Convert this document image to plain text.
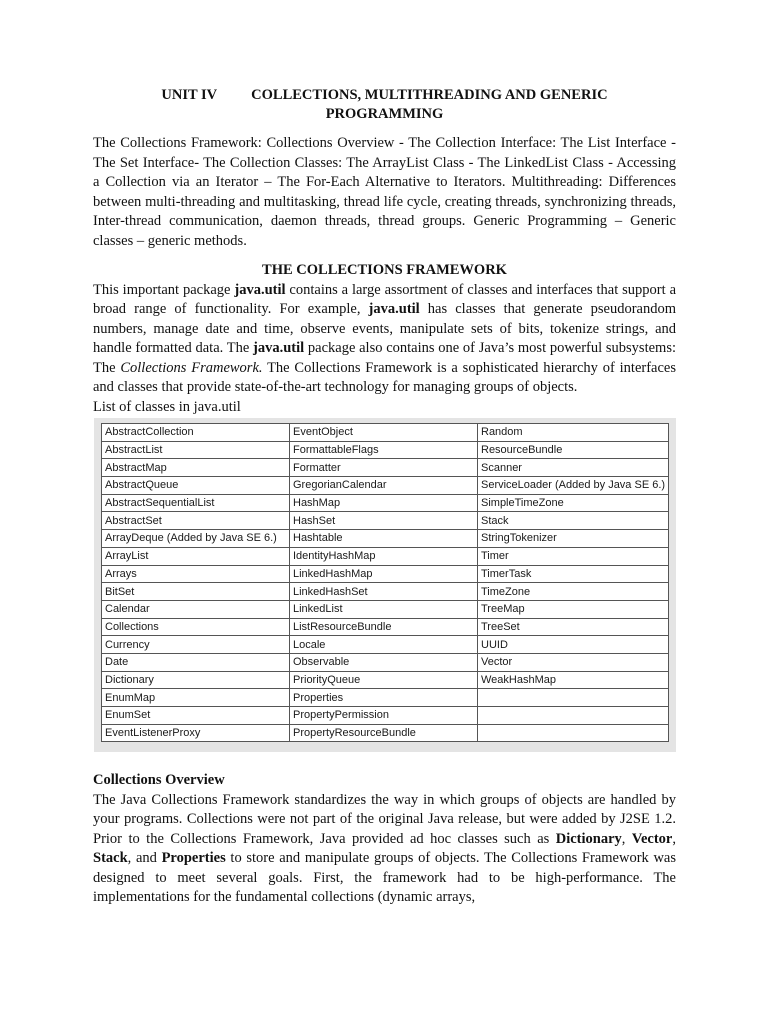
UNIT IV COLLECTIONS, MULTITHREADING AND GENERIC
PROGRAMMING

The Collections Framework: Collections Overview - The Collection Interface: The List Interface - The Set Interface- The Collection Classes: The ArrayList Class - The LinkedList Class - Accessing a Collection via an Iterator – The For-Each Alternative to Iterators. Multithreading: Differences between multi-threading and multitasking, thread life cycle, creating threads, synchronizing threads, Inter-thread communication, daemon threads, thread groups. Generic Programming – Generic classes – generic methods.

THE COLLECTIONS FRAMEWORK

This important package java.util contains a large assortment of classes and interfaces that support a broad range of functionality. For example, java.util has classes that generate pseudorandom numbers, manage date and time, observe events, manipulate sets of bits, tokenize strings, and handle formatted data. The java.util package also contains one of Java’s most powerful subsystems: The Collections Framework. The Collections Framework is a sophisticated hierarchy of interfaces and classes that provide state-of-the-art technology for managing groups of objects.

List of classes in java.util

AbstractCollection	EventObject	Random
AbstractList	FormattableFlags	ResourceBundle
AbstractMap	Formatter	Scanner
AbstractQueue	GregorianCalendar	ServiceLoader (Added by Java SE 6.)
AbstractSequentialList	HashMap	SimpleTimeZone
AbstractSet	HashSet	Stack
ArrayDeque (Added by Java SE 6.)	Hashtable	StringTokenizer
ArrayList	IdentityHashMap	Timer
Arrays	LinkedHashMap	TimerTask
BitSet	LinkedHashSet	TimeZone
Calendar	LinkedList	TreeMap
Collections	ListResourceBundle	TreeSet
Currency	Locale	UUID
Date	Observable	Vector
Dictionary	PriorityQueue	WeakHashMap
EnumMap	Properties	
EnumSet	PropertyPermission	
EventListenerProxy	PropertyResourceBundle	
Collections Overview

The Java Collections Framework standardizes the way in which groups of objects are handled by your programs. Collections were not part of the original Java release, but were added by J2SE 1.2. Prior to the Collections Framework, Java provided ad hoc classes such as Dictionary, Vector, Stack, and Properties to store and manipulate groups of objects. The Collections Framework was designed to meet several goals. First, the framework had to be high-performance. The implementations for the fundamental collections (dynamic arrays,
